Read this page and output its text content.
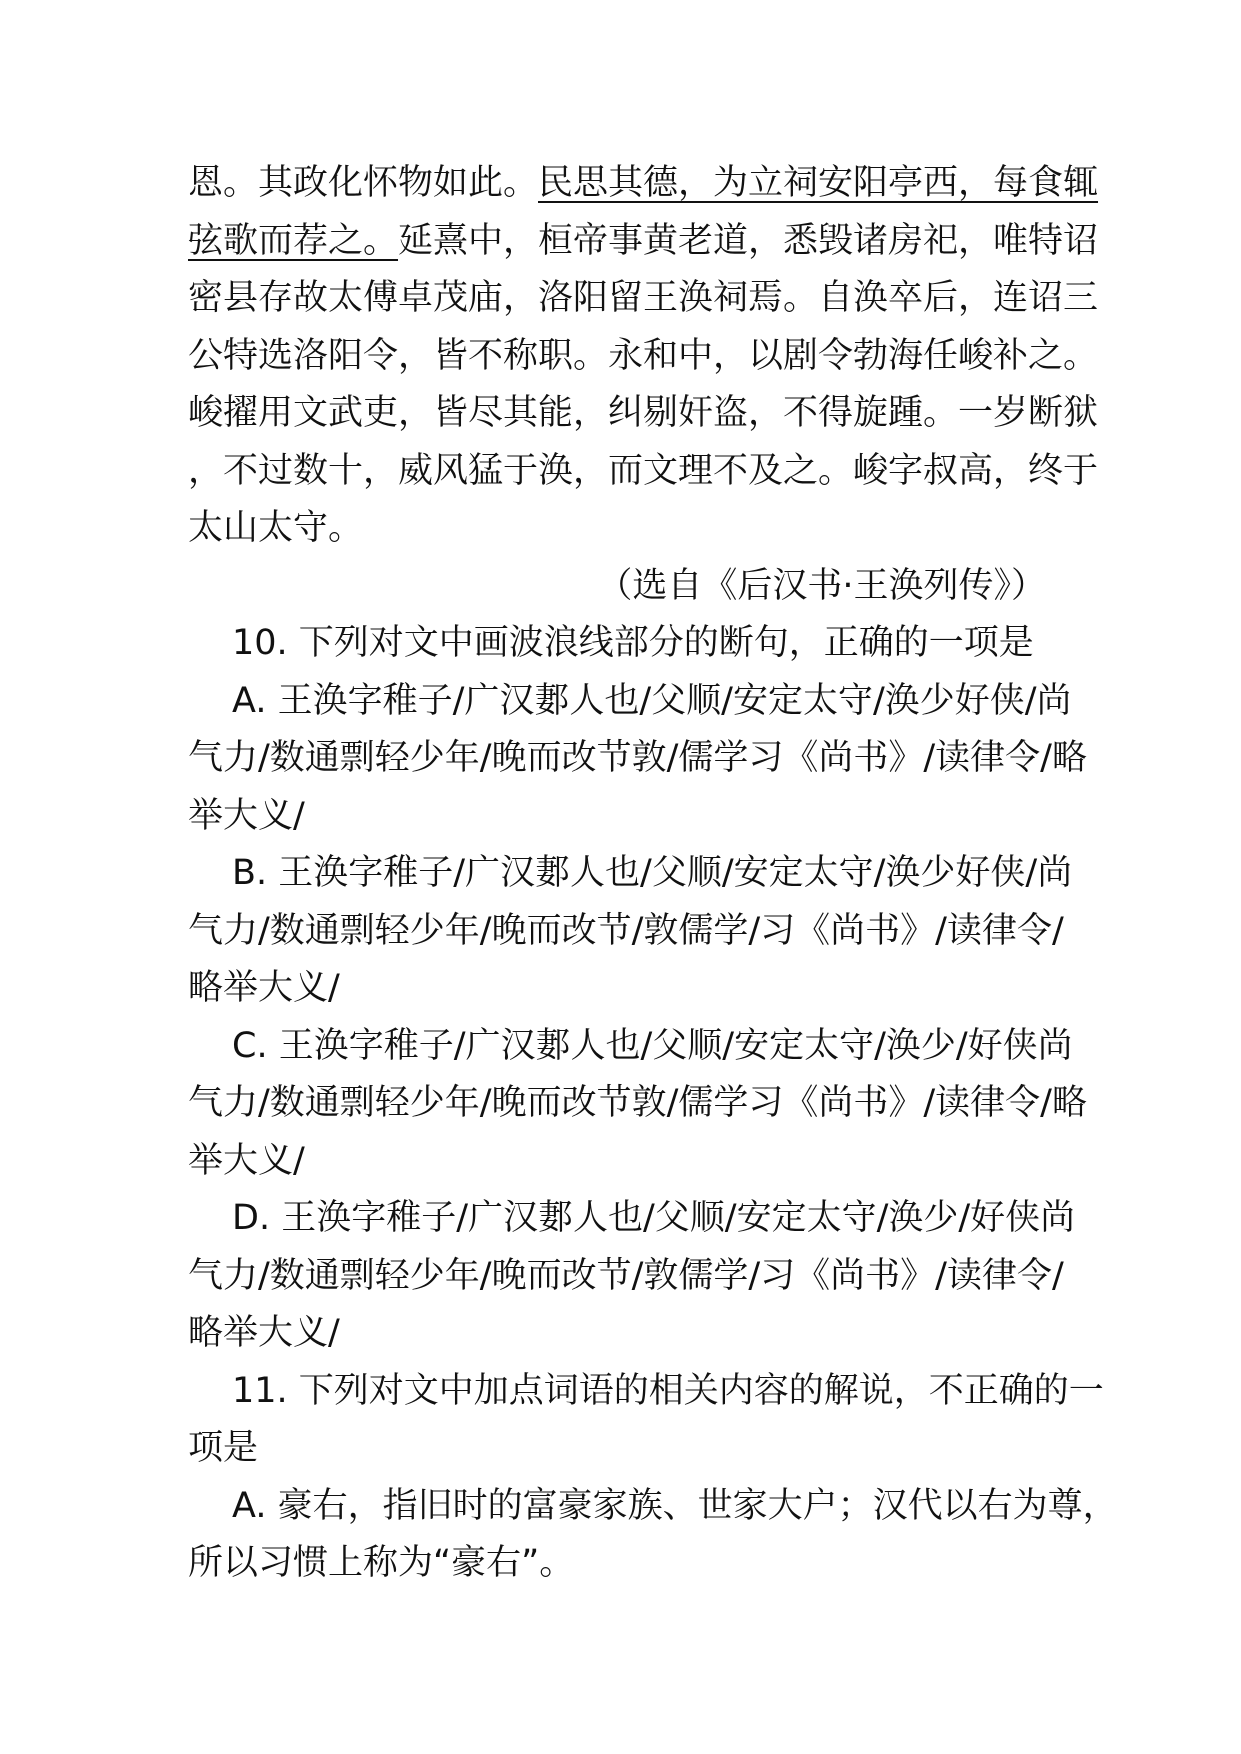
恩。其政化怀物如此。民思其德，为立祠安阳亭西，每食辄
弦歌而荐之。延熹中，桓帝事黄老道，悉毁诸房祀，唯特诏
密县存故太傅卓茂庙，洛阳留王涣祠焉。自涣卒后，连诏三
公特选洛阳令，皆不称职。永和中，以剧令勃海任峻补之。
峻擢用文武吏，皆尽其能，纠剔奸盗，不得旋踵。一岁断狱
，不过数十，威风猛于涣，而文理不及之。峻字叔高，终于
太山太守。
（选自《后汉书·王涣列传》）
10. 下列对文中画波浪线部分的断句，正确的一项是
A. 王涣字稚子/广汉郪人也/父顺/安定太守/涣少好侠/尚
气力/数通剽轻少年/晚而改节敦/儒学习《尚书》/读律令/略
举大义/
B. 王涣字稚子/广汉郪人也/父顺/安定太守/涣少好侠/尚
气力/数通剽轻少年/晚而改节/敦儒学/习《尚书》/读律令/
略举大义/
C. 王涣字稚子/广汉郪人也/父顺/安定太守/涣少/好侠尚
气力/数通剽轻少年/晚而改节敦/儒学习《尚书》/读律令/略
举大义/
D. 王涣字稚子/广汉郪人也/父顺/安定太守/涣少/好侠尚
气力/数通剽轻少年/晚而改节/敦儒学/习《尚书》/读律令/
略举大义/
11. 下列对文中加点词语的相关内容的解说，不正确的一
项是
A. 豪右，指旧时的富豪家族、世家大户；汉代以右为尊，
所以习惯上称为“豪右”。
